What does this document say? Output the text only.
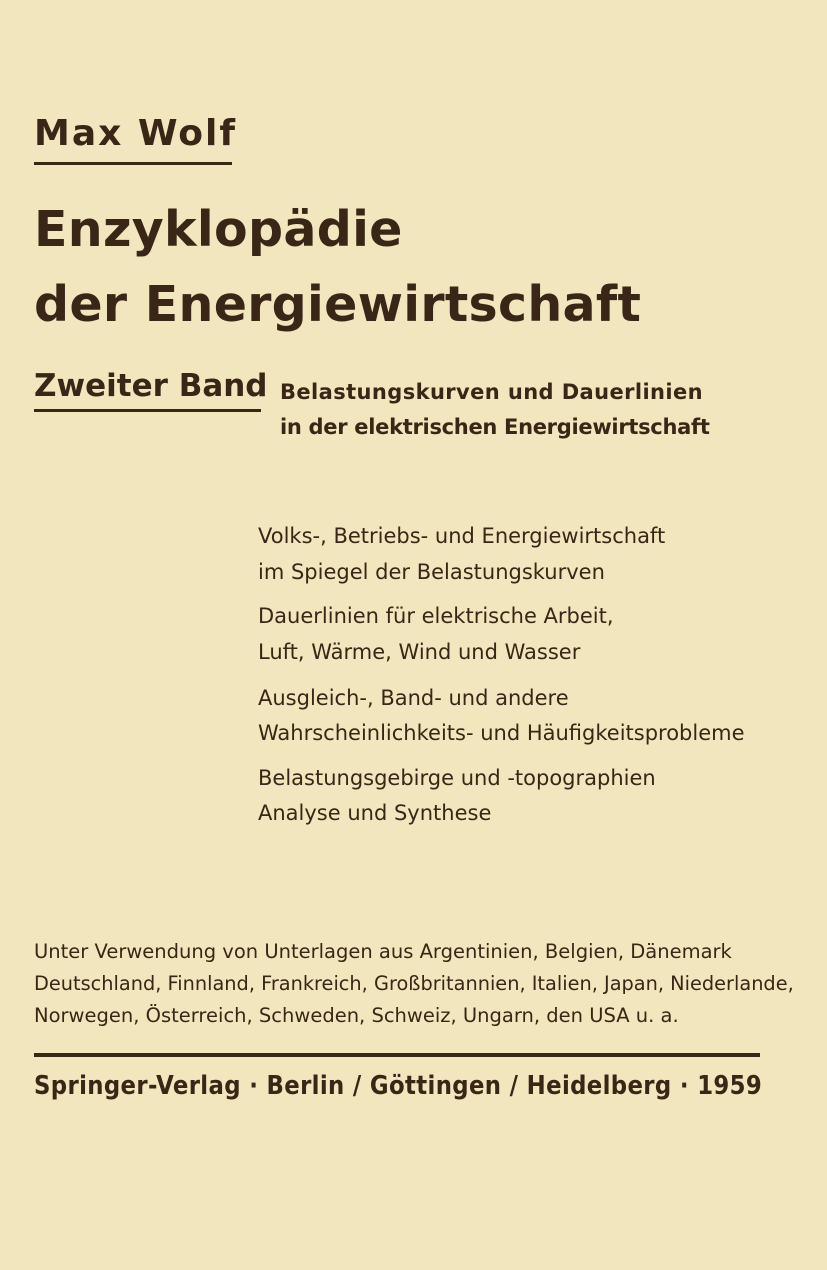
Max Wolf
Enzyklopädie
der Energiewirtschaft
Zweiter Band Belastungskurven und Dauerlinien
in der elektrischen Energiewirtschaft
Volks-, Betriebs- und Energiewirtschaft
im Spiegel der Belastungskurven
Dauerlinien für elektrische Arbeit,
Luft, Wärme, Wind und Wasser
Ausgleich-, Band- und andere
Wahrscheinlichkeits- und Häufigkeitsprobleme
Belastungsgebirge und -topographien
Analyse und Synthese
Unter Verwendung von Unterlagen aus Argentinien, Belgien, Dänemark
Deutschland, Finnland, Frankreich, Großbritannien, Italien, Japan, Niederlande,
Norwegen, Österreich, Schweden, Schweiz, Ungarn, den USA u. a.
Springer-Verlag · Berlin / Göttingen / Heidelberg · 1959
